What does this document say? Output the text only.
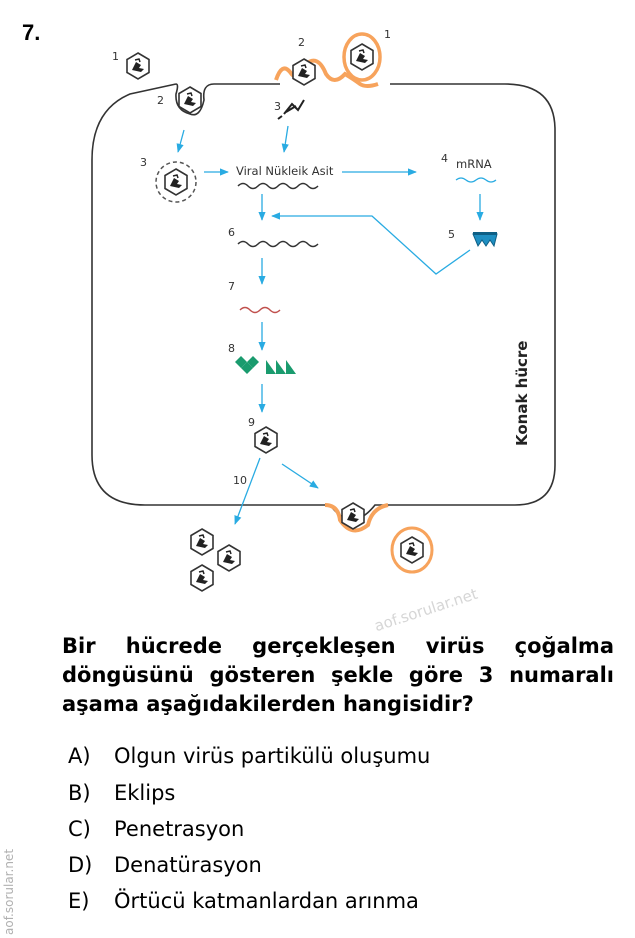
7.
1
1
2
2	3
3	4
5
6
7
8
9
10
Viral Nükleik Asit	mRNA
Konak hücre
Bir hücrede gerçekleşen virüs çoğalma döngüsünü gösteren şekle göre 3 numaralı aşama aşağıdakilerden hangisidir?
A) Olgun virüs partikülü oluşumu
B) Eklips
C) Penetrasyon
D) Denatürasyon
E) Örtücü katmanlardan arınma
aof.sorular.net
aof.sorular.net
